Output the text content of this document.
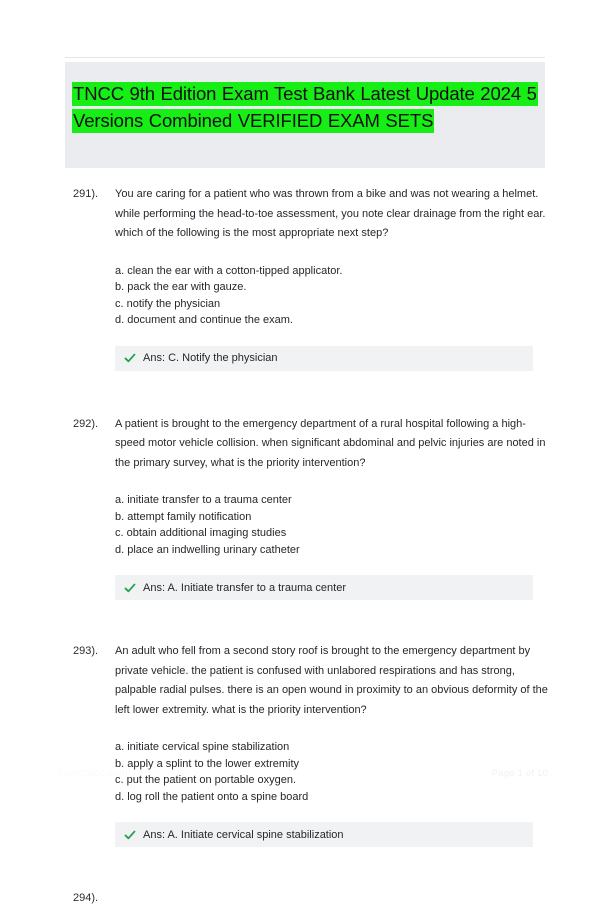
TNCC 9th Edition Exam Test Bank Latest Update 2024 5 Versions Combined VERIFIED EXAM SETS
291).	You are caring for a patient who was thrown from a bike and was not wearing a helmet. while performing the head-to-toe assessment, you note clear drainage from the right ear. which of the following is the most appropriate next step?

a. clean the ear with a cotton-tipped applicator.
b. pack the ear with gauze.
c. notify the physician
d. document and continue the exam.
Ans: C. Notify the physician
292).	A patient is brought to the emergency department of a rural hospital following a high-speed motor vehicle collision. when significant abdominal and pelvic injuries are noted in the primary survey, what is the priority intervention?

a. initiate transfer to a trauma center
b. attempt family notification
c. obtain additional imaging studies
d. place an indwelling urinary catheter
Ans: A. Initiate transfer to a trauma center
293).	An adult who fell from a second story roof is brought to the emergency department by private vehicle. the patient is confused with unlabored respirations and has strong, palpable radial pulses. there is an open wound in proximity to an obvious deformity of the left lower extremity. what is the priority intervention?

a. initiate cervical spine stabilization
b. apply a splint to the lower extremity
c. put the patient on portable oxygen.
d. log roll the patient onto a spine board
Ans: A. Initiate cervical spine stabilization
294).
PaperStoc.com	Page 1 of 10
